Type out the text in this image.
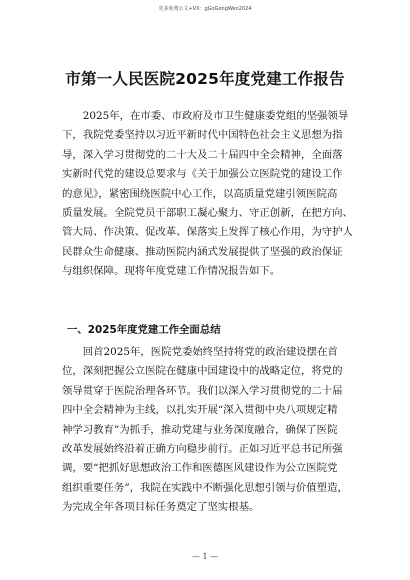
更多免费公文+VX：gGoGongWen2024
市第一人民医院2025年度党建工作报告
　　2025年，在市委、市政府及市卫生健康委党组的坚强领导
下，我院党委坚持以习近平新时代中国特色社会主义思想为指
导，深入学习贯彻党的二十大及二十届四中全会精神，全面落
实新时代党的建设总要求与《关于加强公立医院党的建设工作
的意见》，紧密围绕医院中心工作，以高质量党建引领医院高
质量发展。全院党员干部职工凝心聚力、守正创新，在把方向、
管大局、作决策、促改革、保落实上发挥了核心作用，为守护人
民群众生命健康、推动医院内涵式发展提供了坚强的政治保证
与组织保障。现将年度党建工作情况报告如下。
一、2025年度党建工作全面总结
　　回首2025年，医院党委始终坚持将党的政治建设摆在首
位，深刻把握公立医院在健康中国建设中的战略定位，将党的
领导贯穿于医院治理各环节。我们以深入学习贯彻党的二十届
四中全会精神为主线，以扎实开展“深入贯彻中央八项规定精
神学习教育”为抓手，推动党建与业务深度融合，确保了医院
改革发展始终沿着正确方向稳步前行。正如习近平总书记所强
调，要“把抓好思想政治工作和医德医风建设作为公立医院党
组织重要任务”，我院在实践中不断强化思想引领与价值塑造，
为完成全年各项目标任务奠定了坚实根基。
— 1 —
